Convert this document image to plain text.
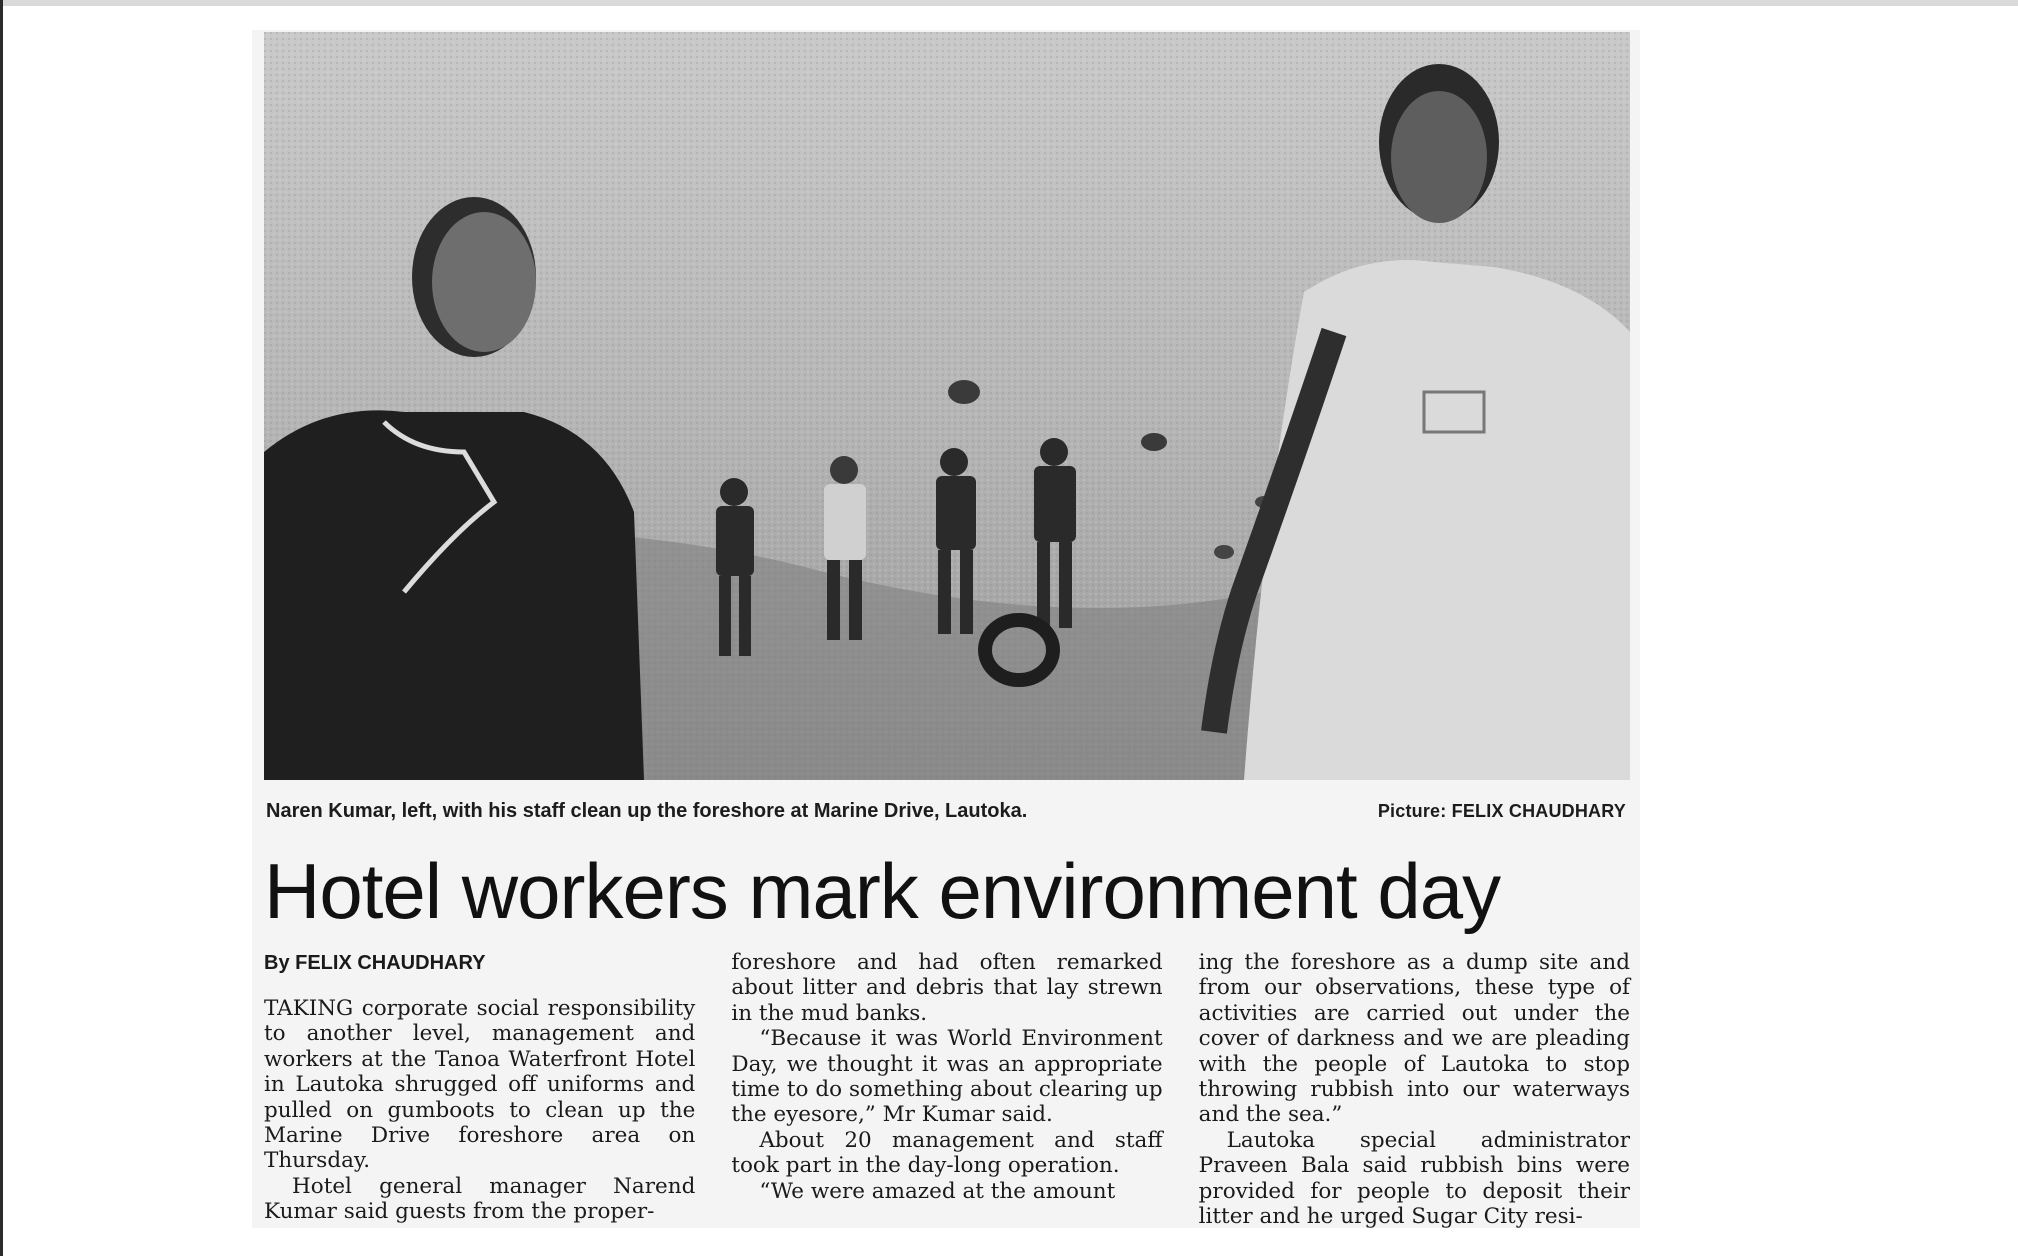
Naren Kumar, left, with his staff clean up the foreshore at Marine Drive, Lautoka.	Picture: FELIX CHAUDHARY
Hotel workers mark environment day

By FELIX CHAUDHARY

TAKING corporate social responsibility to another level, management and workers at the Tanoa Waterfront Hotel in Lautoka shrugged off uniforms and pulled on gumboots to clean up the Marine Drive foreshore area on Thursday.

Hotel general manager Narend Kumar said guests from the proper-

foreshore and had often remarked about litter and debris that lay strewn in the mud banks.

“Because it was World Environment Day, we thought it was an appropriate time to do something about clearing up the eyesore,” Mr Kumar said.

About 20 management and staff took part in the day-long operation.

“We were amazed at the amount

ing the foreshore as a dump site and from our observations, these type of activities are carried out under the cover of darkness and we are pleading with the people of Lautoka to stop throwing rubbish into our waterways and the sea.”

Lautoka special administrator Praveen Bala said rubbish bins were provided for people to deposit their litter and he urged Sugar City resi-
